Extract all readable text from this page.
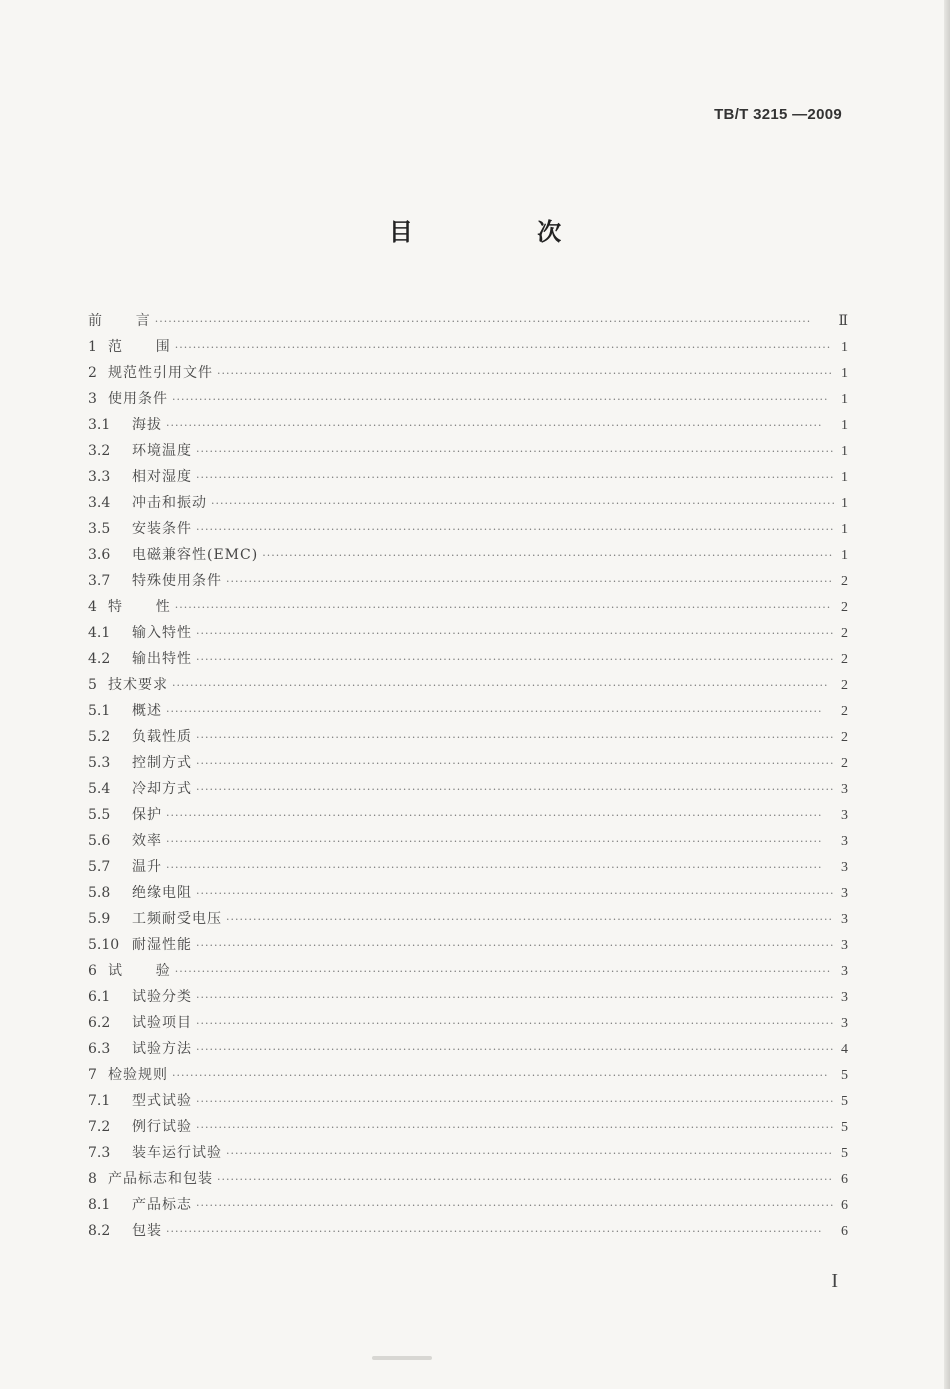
TB/T 3215 —2009
目 次
前      言 ·····	Ⅱ
1 范      围 ·····	1
2 规范性引用文件 ·····	1
3 使用条件 ·····	1
3.1	海拔 ·····	1
3.2	环境温度 ·····	1
3.3	相对湿度 ·····	1
3.4	冲击和振动 ·····	1
3.5	安装条件 ·····	1
3.6	电磁兼容性(EMC) ·····	1
3.7	特殊使用条件 ·····	2
4 特      性 ·····	2
4.1	输入特性 ·····	2
4.2	输出特性 ·····	2
5 技术要求 ·····	2
5.1	概述 ·····	2
5.2	负载性质 ·····	2
5.3	控制方式 ·····	2
5.4	冷却方式 ·····	3
5.5	保护 ·····	3
5.6	效率 ·····	3
5.7	温升 ·····	3
5.8	绝缘电阻 ·····	3
5.9	工频耐受电压 ·····	3
5.10 耐湿性能 ·····	3
6 试      验 ·····	3
6.1	试验分类 ·····	3
6.2	试验项目 ·····	3
6.3	试验方法 ·····	4
7 检验规则 ·····	5
7.1	型式试验 ·····	5
7.2	例行试验 ·····	5
7.3	装车运行试验 ·····	5
8 产品标志和包装 ·····	6
8.1	产品标志 ·····	6
8.2	包装 ·····	6
I
